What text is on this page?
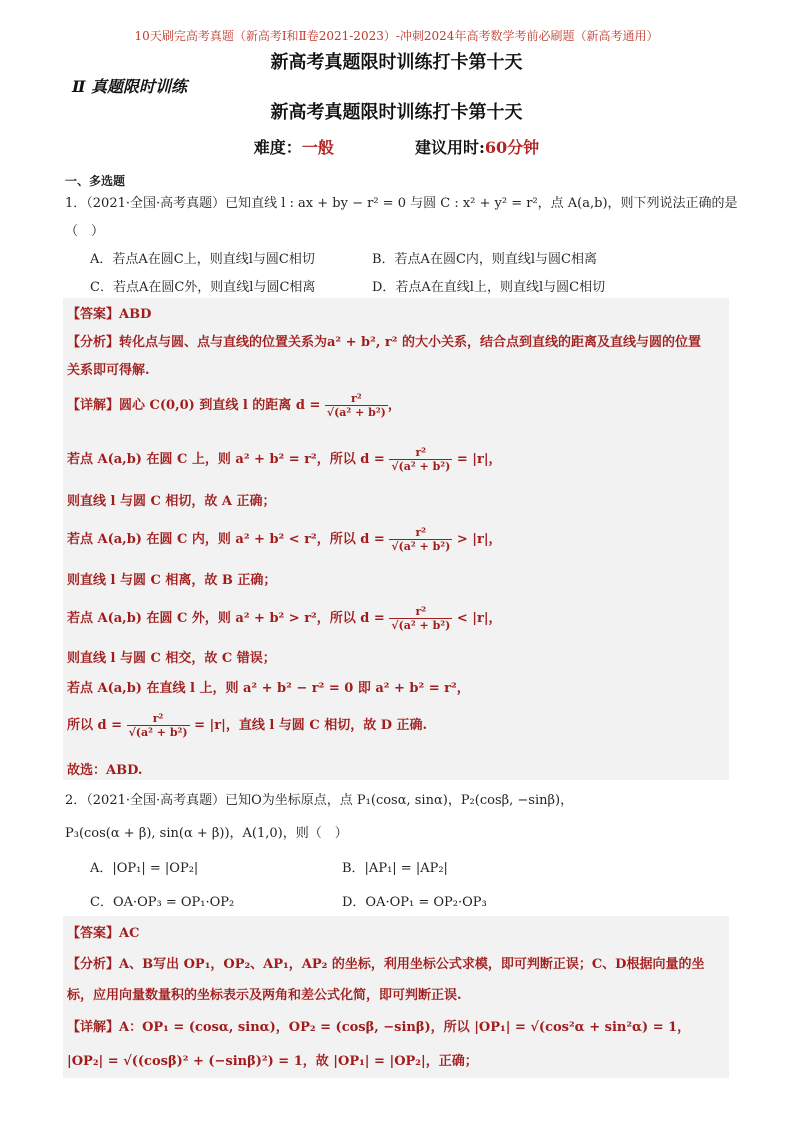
10天刷完高考真题（新高考Ⅰ和Ⅱ卷2021-2023）-冲刺2024年高考数学考前必刷题（新高考通用）
新高考真题限时训练打卡第十天
Ⅱ 真题限时训练
新高考真题限时训练打卡第十天
难度：一般	建议用时:60分钟
一、多选题
1．（2021·全国·高考真题）已知直线 l : ax + by − r² = 0 与圆 C : x² + y² = r²，点 A(a,b)，则下列说法正确的是
（　）
A．若点A在圆C上，则直线l与圆C相切	B．若点A在圆C内，则直线l与圆C相离
C．若点A在圆C外，则直线l与圆C相离	D．若点A在直线l上，则直线l与圆C相切
【答案】ABD
【分析】转化点与圆、点与直线的位置关系为a² + b², r² 的大小关系，结合点到直线的距离及直线与圆的位置
关系即可得解.
【详解】圆心 C(0,0) 到直线 l 的距离 $d = \frac{\text{r²}}{\text{√(a² + b²)}}$ ，
若点 A(a,b) 在圆 C 上，则 a² + b² = r²，所以 $d = \frac{\text{r²}}{\text{√(a² + b²)}} = |r|$，
则直线 l 与圆 C 相切，故 A 正确；
若点 A(a,b) 在圆 C 内，则 a² + b² < r²，所以 $d = \frac{\text{r²}}{\text{√(a² + b²)}} > |r|$，
则直线 l 与圆 C 相离，故 B 正确；
若点 A(a,b) 在圆 C 外，则 a² + b² > r²，所以 $d = \frac{\text{r²}}{\text{√(a² + b²)}} < |r|$，
则直线 l 与圆 C 相交，故 C 错误；
若点 A(a,b) 在直线 l 上，则 a² + b² − r² = 0 即 a² + b² = r²，
所以 $d = \frac{\text{r²}}{\text{√(a² + b²)}} = |r|$，直线 l 与圆 C 相切，故 D 正确.
故选：ABD.
2．（2021·全国·高考真题）已知O为坐标原点，点 P₁(cosα, sinα)，P₂(cosβ, −sinβ)，
P₃(cos(α + β), sin(α + β))，A(1,0)，则（　）
A．|OP₁| = |OP₂|	B．|AP₁| = |AP₂|
C．OA·OP₃ = OP₁·OP₂	D．OA·OP₁ = OP₂·OP₃
【答案】AC
【分析】A、B写出 OP₁，OP₂、AP₁，AP₂ 的坐标，利用坐标公式求模，即可判断正误；C、D根据向量的坐
标，应用向量数量积的坐标表示及两角和差公式化简，即可判断正误.
【详解】A：OP₁ = (cosα, sinα)，OP₂ = (cosβ, −sinβ)，所以 |OP₁| = √(cos²α + sin²α) = 1，
|OP₂| = √((cosβ)² + (−sinβ)²) = 1，故 |OP₁| = |OP₂|，正确；
